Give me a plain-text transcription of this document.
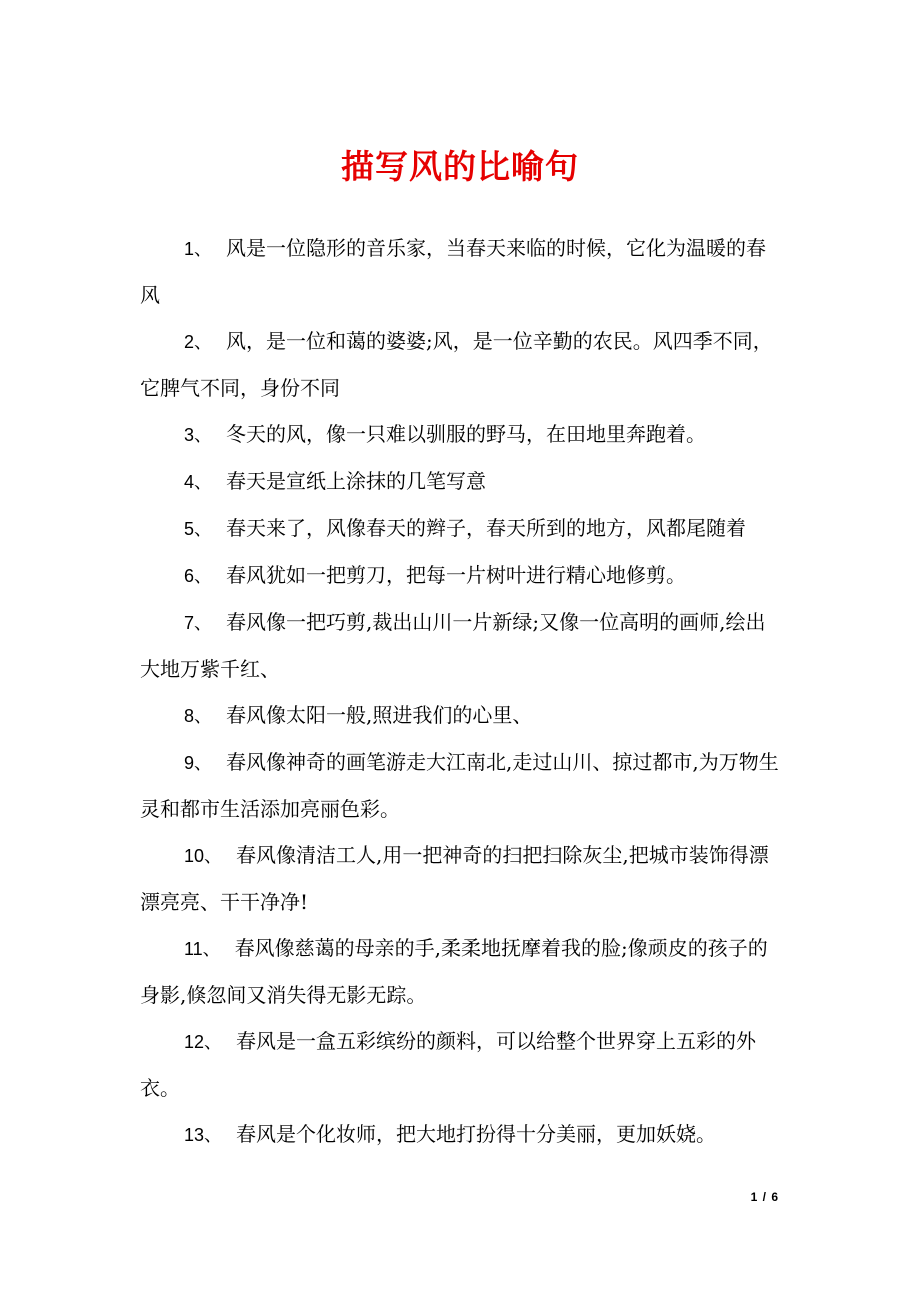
描写风的比喻句

1、 风是一位隐形的音乐家，当春天来临的时候，它化为温暖的春风

2、 风，是一位和蔼的婆婆;风，是一位辛勤的农民。风四季不同，它脾气不同，身份不同

3、 冬天的风，像一只难以驯服的野马，在田地里奔跑着。

4、 春天是宣纸上涂抹的几笔写意

5、 春天来了，风像春天的辫子，春天所到的地方，风都尾随着

6、 春风犹如一把剪刀，把每一片树叶进行精心地修剪。

7、 春风像一把巧剪,裁出山川一片新绿;又像一位高明的画师,绘出大地万紫千红、

8、 春风像太阳一般,照进我们的心里、

9、 春风像神奇的画笔游走大江南北,走过山川、掠过都市,为万物生灵和都市生活添加亮丽色彩。

10、 春风像清洁工人,用一把神奇的扫把扫除灰尘,把城市装饰得漂漂亮亮、干干净净!

11、 春风像慈蔼的母亲的手,柔柔地抚摩着我的脸;像顽皮的孩子的身影,倏忽间又消失得无影无踪。

12、 春风是一盒五彩缤纷的颜料，可以给整个世界穿上五彩的外衣。

13、 春风是个化妆师，把大地打扮得十分美丽，更加妖娆。

1 / 6
